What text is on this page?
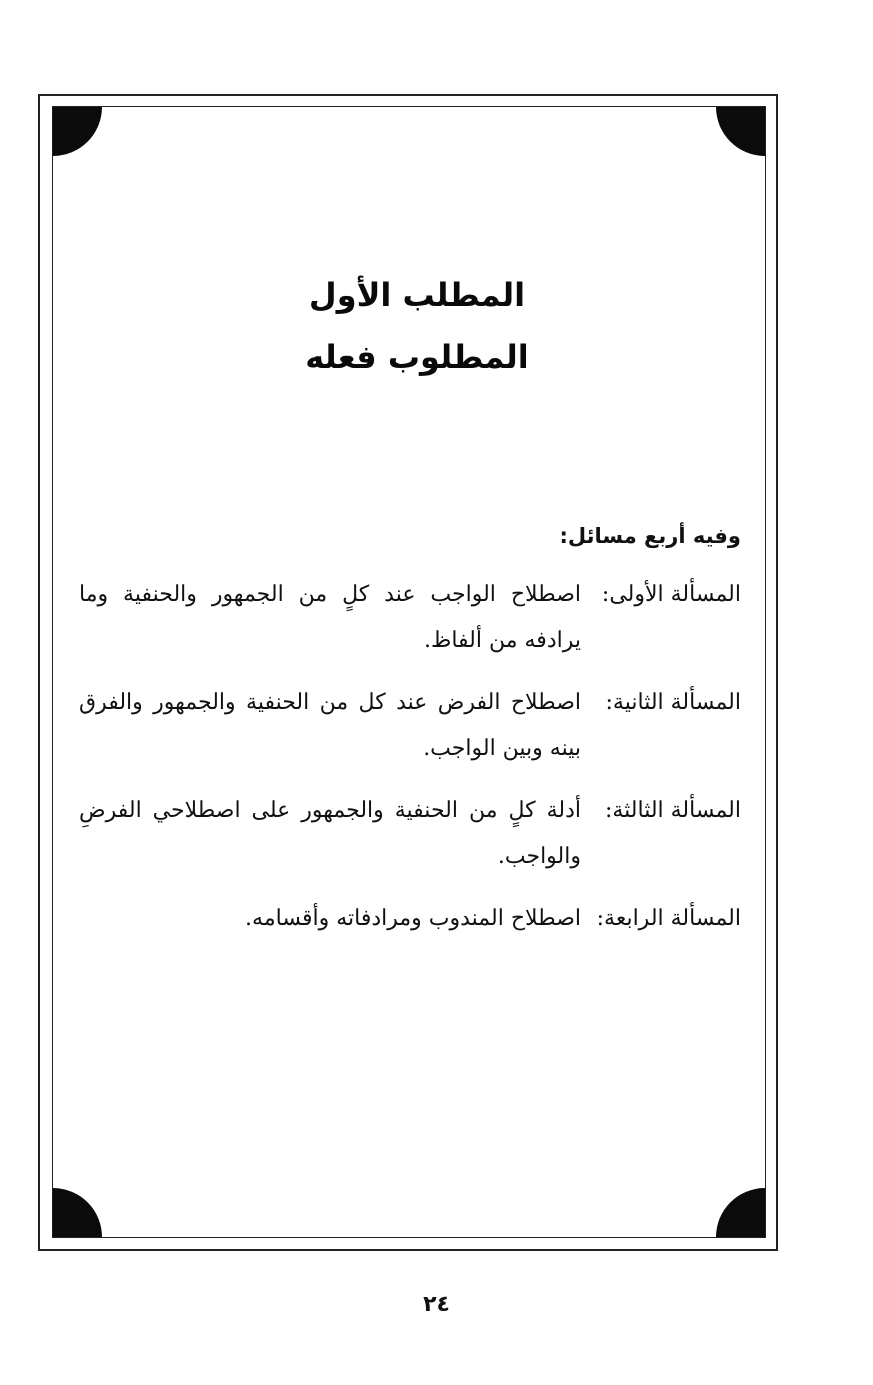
المطلب الأول
المطلوب فعله

وفيه أربع مسائل:

المسألة الأولى:
اصطلاح الواجب عند كلٍ من الجمهور والحنفية وما يرادفه من ألفاظ.
المسألة الثانية:
اصطلاح الفرض عند كل من الحنفية والجمهور والفرق بينه وبين الواجب.
المسألة الثالثة:
أدلة كلٍ من الحنفية والجمهور على اصطلاحي الفرضِ والواجب.
المسألة الرابعة:
اصطلاح المندوب ومرادفاته وأقسامه.
٢٤
